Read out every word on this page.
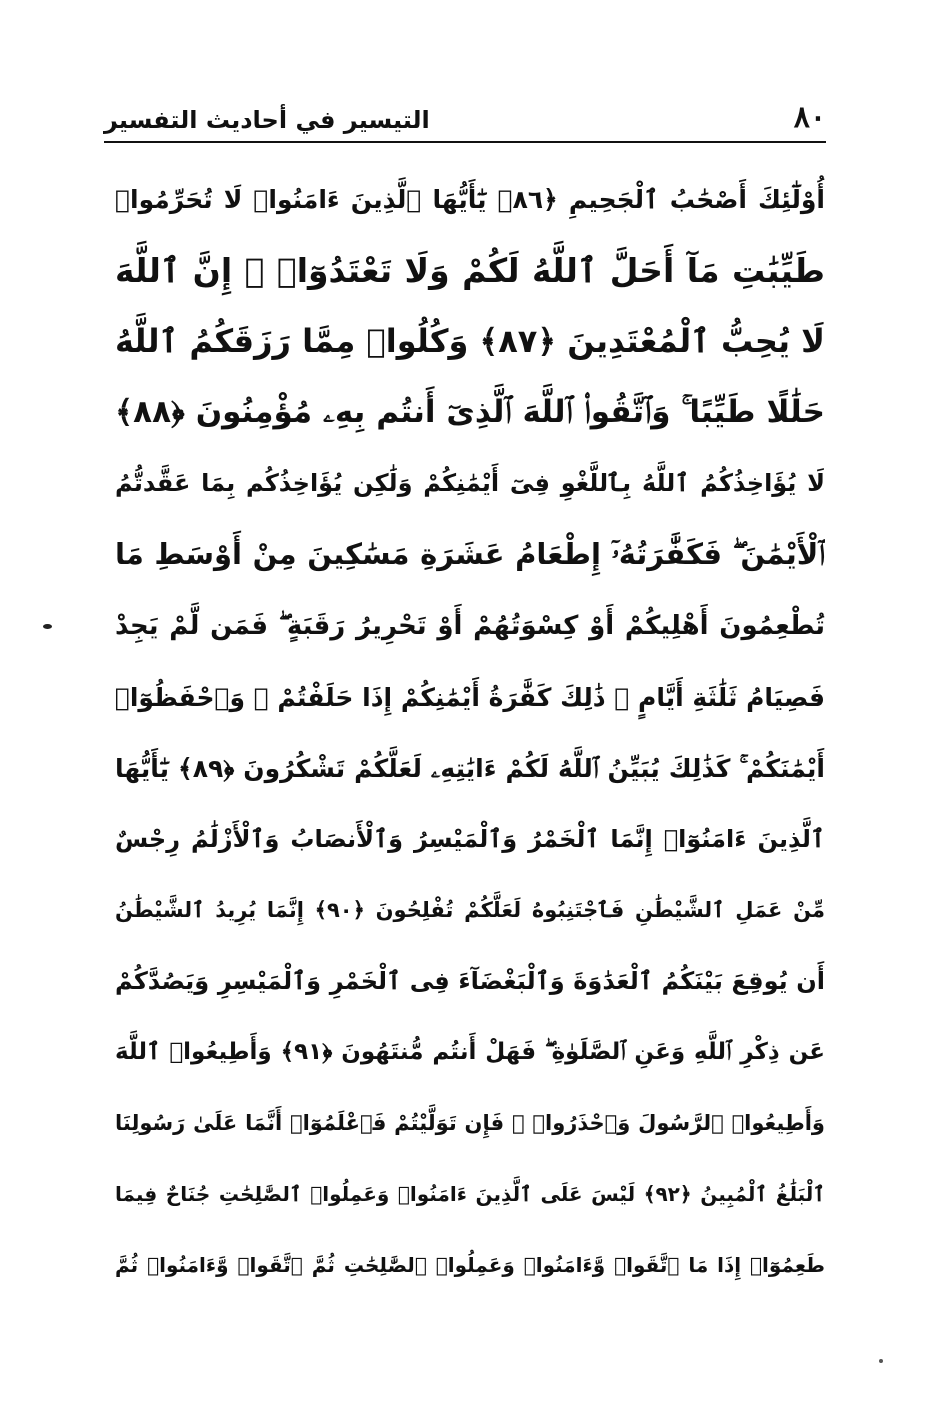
٨٠
التيسير في أحاديث التفسير
أُوْلَٰٓئِكَ أَصْحَٰبُ ٱلْجَحِيمِ ﴿٨٦﴾ يَٰٓأَيُّهَا ٱلَّذِينَ ءَامَنُوا۟ لَا تُحَرِّمُوا۟
طَيِّبَٰتِ مَآ أَحَلَّ ٱللَّهُ لَكُمْ وَلَا تَعْتَدُوٓا۟ ۚ إِنَّ ٱللَّهَ
لَا يُحِبُّ ٱلْمُعْتَدِينَ ﴿٨٧﴾ وَكُلُوا۟ مِمَّا رَزَقَكُمُ ٱللَّهُ
حَلَٰلًا طَيِّبًا ۚ وَٱتَّقُوا۟ ٱللَّهَ ٱلَّذِىٓ أَنتُم بِهِۦ مُؤْمِنُونَ ﴿٨٨﴾
لَا يُؤَاخِذُكُمُ ٱللَّهُ بِٱللَّغْوِ فِىٓ أَيْمَٰنِكُمْ وَلَٰكِن يُؤَاخِذُكُم بِمَا عَقَّدتُّمُ
ٱلْأَيْمَٰنَ ۖ فَكَفَّٰرَتُهُۥٓ إِطْعَامُ عَشَرَةِ مَسَٰكِينَ مِنْ أَوْسَطِ مَا
تُطْعِمُونَ أَهْلِيكُمْ أَوْ كِسْوَتُهُمْ أَوْ تَحْرِيرُ رَقَبَةٍ ۖ فَمَن لَّمْ يَجِدْ
فَصِيَامُ ثَلَٰثَةِ أَيَّامٍ ۚ ذَٰلِكَ كَفَّٰرَةُ أَيْمَٰنِكُمْ إِذَا حَلَفْتُمْ ۚ وَٱحْفَظُوٓا۟
أَيْمَٰنَكُمْ ۚ كَذَٰلِكَ يُبَيِّنُ ٱللَّهُ لَكُمْ ءَايَٰتِهِۦ لَعَلَّكُمْ تَشْكُرُونَ ﴿٨٩﴾ يَٰٓأَيُّهَا
ٱلَّذِينَ ءَامَنُوٓا۟ إِنَّمَا ٱلْخَمْرُ وَٱلْمَيْسِرُ وَٱلْأَنصَابُ وَٱلْأَزْلَٰمُ رِجْسٌ
مِّنْ عَمَلِ ٱلشَّيْطَٰنِ فَٱجْتَنِبُوهُ لَعَلَّكُمْ تُفْلِحُونَ ﴿٩٠﴾ إِنَّمَا يُرِيدُ ٱلشَّيْطَٰنُ
أَن يُوقِعَ بَيْنَكُمُ ٱلْعَدَٰوَةَ وَٱلْبَغْضَآءَ فِى ٱلْخَمْرِ وَٱلْمَيْسِرِ وَيَصُدَّكُمْ
عَن ذِكْرِ ٱللَّهِ وَعَنِ ٱلصَّلَوٰةِ ۖ فَهَلْ أَنتُم مُّنتَهُونَ ﴿٩١﴾ وَأَطِيعُوا۟ ٱللَّهَ
وَأَطِيعُوا۟ ٱلرَّسُولَ وَٱحْذَرُوا۟ ۚ فَإِن تَوَلَّيْتُمْ فَٱعْلَمُوٓا۟ أَنَّمَا عَلَىٰ رَسُولِنَا
ٱلْبَلَٰغُ ٱلْمُبِينُ ﴿٩٢﴾ لَيْسَ عَلَى ٱلَّذِينَ ءَامَنُوا۟ وَعَمِلُوا۟ ٱلصَّٰلِحَٰتِ جُنَاحٌ فِيمَا
طَعِمُوٓا۟ إِذَا مَا ٱتَّقَوا۟ وَّءَامَنُوا۟ وَعَمِلُوا۟ ٱلصَّٰلِحَٰتِ ثُمَّ ٱتَّقَوا۟ وَّءَامَنُوا۟ ثُمَّ
